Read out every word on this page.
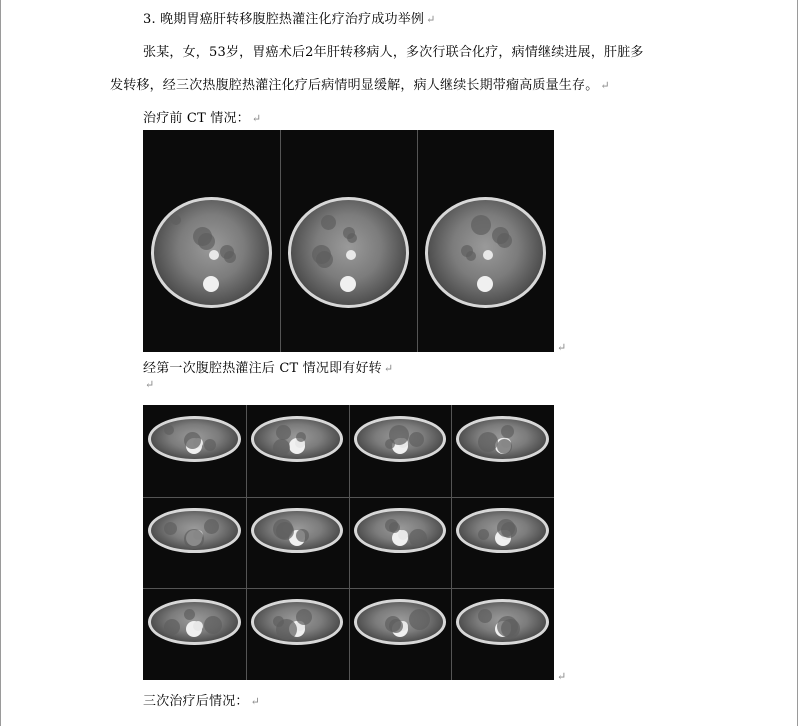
3. 晚期胃癌肝转移腹腔热灌注化疗治疗成功举例 ↵
张某，女，53岁，胃癌术后2年肝转移病人，多次行联合化疗，病情继续进展，肝脏多
发转移，经三次热腹腔热灌注化疗后病情明显缓解，病人继续长期带瘤高质量生存。 ↵
治疗前 CT 情况： ↵
↵
经第一次腹腔热灌注后 CT 情况即有好转 ↵
↵
↵
三次治疗后情况： ↵
